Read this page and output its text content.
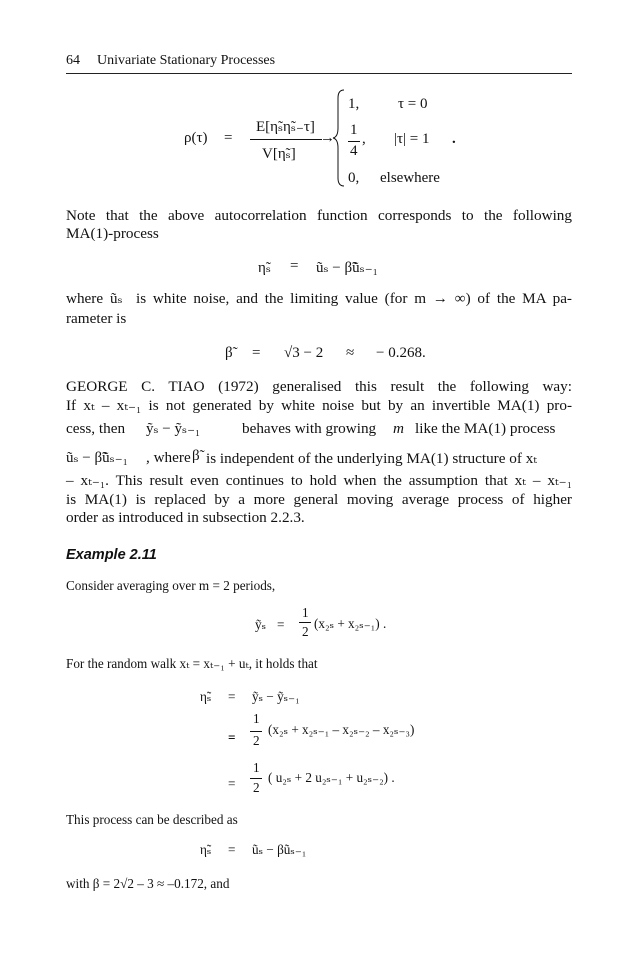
64 Univariate Stationary Processes
ρ(τ) =
E[η̃ₛη̃ₛ₋τ]
V[η̃ₛ]
→
1,	τ = 0
1
4
, |τ| = 1
0, elsewhere
.
Note that the above autocorrelation function corresponds to the following
MA(1)-process
η̃ₛ = ũₛ − β̃ũₛ₋₁
where ũₛ is white noise, and the limiting value (for m → ∞) of the MA pa-
rameter is
β̃ = √3 − 2 ≈ − 0.268.
GEORGE C. TIAO (1972) generalised this result the following way:
If xₜ – xₜ₋₁ is not generated by white noise but by an invertible MA(1) pro-
cess, then ỹₛ − ỹₛ₋₁	behaves with growing m like the MA(1) process
ũₛ − β̃ũₛ₋₁ , where β̃ is independent of the underlying MA(1) structure of xₜ
– xₜ₋₁. This result even continues to hold when the assumption that xₜ – xₜ₋₁
is MA(1) is replaced by a more general moving average process of higher
order as introduced in subsection 2.2.3.
Example 2.11
Consider averaging over m = 2 periods,
ỹₛ =
1
2
(x₂ₛ + x₂ₛ₋₁) .
For the random walk xₜ = xₜ₋₁ + uₜ, it holds that
η̃ₛ = ỹₛ − ỹₛ₋₁
=
1
2
(x₂ₛ + x₂ₛ₋₁ – x₂ₛ₋₂ – x₂ₛ₋₃)
=
1
2
( u₂ₛ + 2 u₂ₛ₋₁ + u₂ₛ₋₂) .
This process can be described as
η̃ₛ = ũₛ − βũₛ₋₁
with β = 2√2 – 3 ≈ –0.172, and
